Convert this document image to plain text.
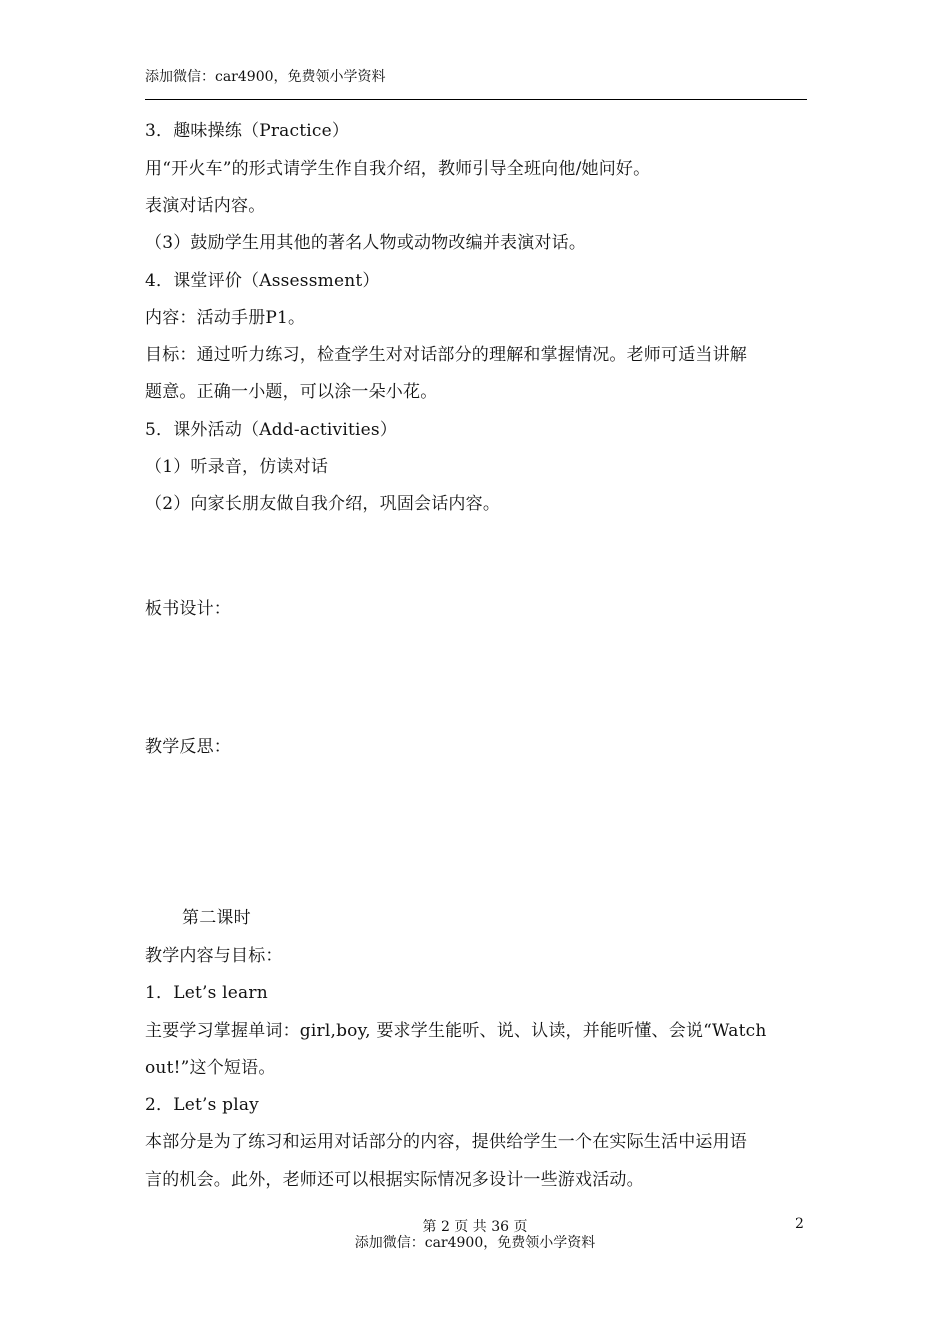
添加微信：car4900，免费领小学资料
3．趣味操练（Practice）
用“开火车”的形式请学生作自我介绍，教师引导全班向他/她问好。
表演对话内容。
（3）鼓励学生用其他的著名人物或动物改编并表演对话。
4．课堂评价（Assessment）
内容：活动手册P1。
目标：通过听力练习，检查学生对对话部分的理解和掌握情况。老师可适当讲解
题意。正确一小题，可以涂一朵小花。
5．课外活动（Add-activities）
（1）听录音，仿读对话
（2）向家长朋友做自我介绍，巩固会话内容。
板书设计：
教学反思：
第二课时
教学内容与目标：
1．Let’s learn
主要学习掌握单词：girl,boy, 要求学生能听、说、认读，并能听懂、会说“Watch
out!”这个短语。
2．Let’s play
本部分是为了练习和运用对话部分的内容，提供给学生一个在实际生活中运用语
言的机会。此外，老师还可以根据实际情况多设计一些游戏活动。
第 2 页 共 36 页	2
添加微信：car4900，免费领小学资料
